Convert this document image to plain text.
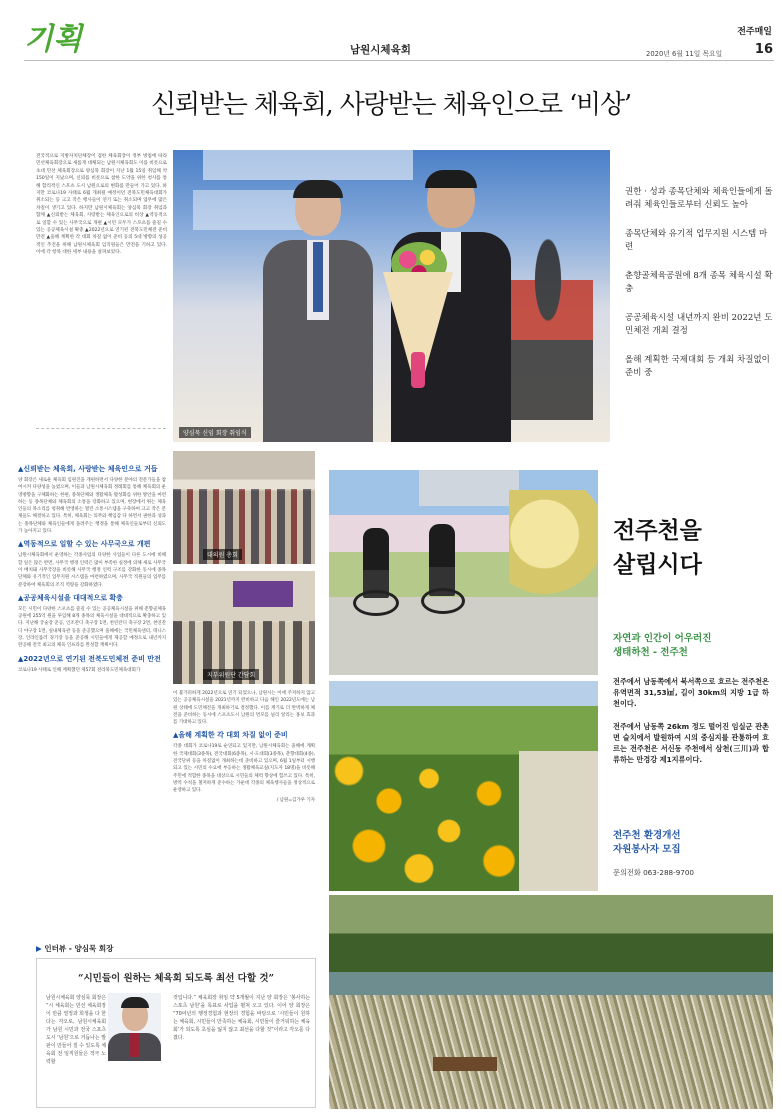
기획	남원시체육회
전주매일
2020년 6월 11일 목요일	16
신뢰받는 체육회, 사랑받는 체육인으로 ‘비상’
전국적으로 지방자치단체장이 겸한 체육회장이 정부 방침에 따라 민선체육회장으로 새롭게 대체되는 남원시체육회도 이를 비롯으로 초대 민선 체육회장으로 양심묵 회장이 지난 1월 15일 취임해 약 150일이 지났으며, 신뢰를 비롯으로 참한 도약을 위한 청사를 통해 합리적인 스포츠 도시 남원으로의 변화를 만들어 가고 있다. 하지만 코로나19 사태로 6월 개최될 예정이던 전북도민체육대회가 취소되는 등 크고 작은 행사들이 연기 또는 취소되며 업무에 많은 차질이 생기고 있다. 하지만 남원시체육회는 양심묵 회장 취임과 함께 ▲신뢰받는 체육회, 사랑받는 체육인으로의 비상 ▲역동적으로 일할 수 있는 사무국으로 개편 ▲시민 모두가 스포츠를 즐길 수 있는 공공체육시설 확충 ▲2022년으로 연기된 전북도민체전 준비 만전 ▲올해 계획한 각 대회 차질 없이 준비 등의 5대 방향의 성공적인 추진을 위해 남원시체육회 임직원들은 만전을 기하고 있다. 이에 각 항목 대한 세부 내용을 살펴보았다.
양심묵 신임 회장 취임식
권한 · 성과 종목단체와 체육인들에게 돌려줘 체육인들로부터 신뢰도 높아
종목단체와 유기적 업무지원 시스템 마련
춘향골체육공원에 8개 종목 체육시설 확충
공공체육시설 내년까지 완비 2022년 도민체전 개최 결정
올해 계획한 국제대회 등 개최 차질없이 준비 중
▲신뢰받는 체육회, 사랑받는 체육인으로 거듭
양 회장은 새로운 체육회 임원진을 개편하면서 다양한 분야의 전문가들을 참여시켜 다양성을 높였으며, 이들과 남원시체육회 정례회를 통해 체육회의 운영방향을 구체화하는 한편, 종목단체와 생활체육 활성화를 위한 방안을 마련하는 등 종목단체와 체육회의 소통을 강화하고 있으며, 현장에서 뛰는 체육인들의 목소리를 청취해 반영하는 열린 소통시스템을 구축하여 크고 작은 문제들도 해결하고 있다. 특히, 체육회는 의무와 책임감 다 하면서 권한과 성과는 종목단체와 체육인들에게 돌려주는 행정을 통해 체육인들로부터 신뢰도가 높아지고 있다.
▲역동적으로 일할 수 있는 사무국으로 개편
남원시체육회에서 운영하는 각종사업의 다양한 사업들이 다른 도시에 비해 할 일은 많은 반면, 사무국 행정 인력은 많이 부족한 실정에 의해 새로 사무국이 배치돼 사무국장을 비롯해 사무국 행정 인력 구조를 강화한 동시에 종목단체와 유기적인 업무지원 시스템을 마련하였으며, 사무국 직원들의 업무를 분장하여 체육회의 조직 역량을 강화하였다.
▲공공체육시설을 대대적으로 확충
모든 시민이 다양한 스포츠를 즐길 수 있는 공공체육시설을 위해 춘향골체육공원에 255억 원을 투입해 8개 종목의 체육시설을 대대적으로 확충하고 있다. 지난해 궁술장 준공, 인조잔디 축구장 1면, 천연잔디 축구장 2면, 천연잔디 야구장 1면, 실내체육관 등을 준공했으며 올해에는 국민체육센터, 테니스장, 인라인롤러 경기장 등을 준공해 시민들에게 제공할 예정으로 내년까지 완공해 전국 최고의 체육 인프라를 완성할 계획이다.
▲2022년으로 연기된 전북도민체전 준비 만전
코로나19 사태로 인해 계획했던 제57회 전라북도민체육대회가
대의원 총회
지부위원단 간담회
이 불가피하게 2022년으로 연기 되었으나, 남원시는 이에 주저하지 않고 있는 공공체육시설을 2021년까지 완비하고 다음 해인 2022년도에는 남원 상태에 도민체전을 개최하기로 결정했다. 이를 계기로 더 완벽하게 체전을 준비하는 동시에 스포츠도시 남원의 면모를 널리 알리는 홍보 효과를 기대하고 있다.
▲올해 계획한 각 대회 차질 없이 준비
각종 대회가 코로나19로 순연되고 있지만, 남원시체육회는 올해에 계획한 국제대회(3종목), 전국대회(6종목), 시·도대회(3종목), 춘향대회(4종), 전국단위 등을 차질없이 개최하는데 준비하고 있으며, 6월 1일부터 시행되고 있는 시민의 수요에 부응하는 생활체육교실(지도자 18명)을 비롯해 주민에 적합한 종목을 대상으로 시민들의 체력 향상에 힘쓰고 있다. 특히, 방역 수칙을 철저하게 준수하는 가운데 각종의 체육행사들을 정상적으로 운영하고 있다.
/ 남원=김가루 기자
▶ 인터뷰 - 양심묵 회장
“시민들이 원하는 체육회 되도록 최선 다할 것”
남원시체육회 양심묵 회장은 “시 체육회는 민선 체육회장이 만큼 열정과 희생을 다 한다는 각오로, 남원시체육회가 남원 시민과 전국 스포츠 도시 ‘남원’으로 거듭나는 발판이 만들어 질 수 있도록 체육회 전 임직원들은 적극 노력할
것입니다.” 체육회장 취임 약 5개월이 지난 양 회장은 ‘봉사하는 스포츠 남원’을 목표로 사업을 펼쳐 오고 있다. 이어 양 회장은 “70여년의 행정경험과 현장의 경험을 바탕으로 ‘시민들이 원하는 체육회, 시민들이 만족하는 체육회, 시민들이 즐거워하는 체육회’가 되도록 초심을 잃지 않고 최선을 다할 것”이라고 각오를 다졌다.
전주천을
살립시다
자연과 인간이 어우러진
생태하천 - 전주천
전주에서 남동쪽에서 북서쪽으로 흐르는 전주천은 유역면적 31,53㎢, 길이 30km의 지방 1급 하천이다.
전주에서 남동쪽 26km 정도 떨어진 임실군 관촌면 슬치에서 발원하여 시의 중심지를 관통하여 흐르는 전주천은 서신동 주천에서 삼천(三川)과 합류하는 만경강 제1지류이다.
전주천 환경개선
자원봉사자 모집
문의전화 063-288-9700
